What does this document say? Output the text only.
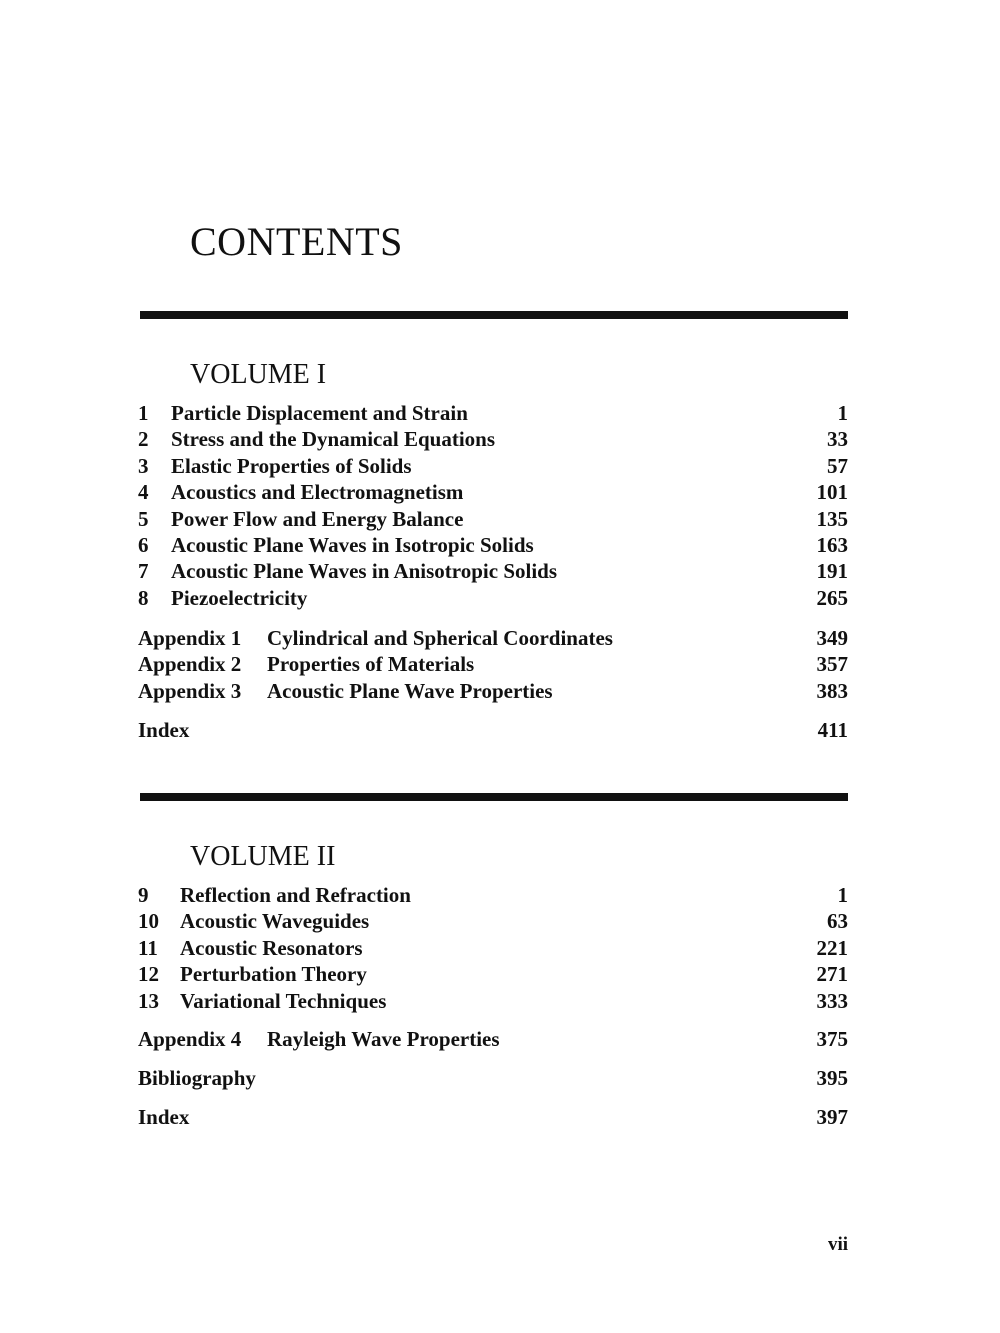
CONTENTS
VOLUME I
1	Particle Displacement and Strain	1
2	Stress and the Dynamical Equations	33
3	Elastic Properties of Solids	57
4	Acoustics and Electromagnetism	101
5	Power Flow and Energy Balance	135
6	Acoustic Plane Waves in Isotropic Solids	163
7	Acoustic Plane Waves in Anisotropic Solids	191
8	Piezoelectricity	265
Appendix 1	Cylindrical and Spherical Coordinates	349
Appendix 2	Properties of Materials	357
Appendix 3	Acoustic Plane Wave Properties	383
Index	411
VOLUME II
9	Reflection and Refraction	1
10	Acoustic Waveguides	63
11	Acoustic Resonators	221
12	Perturbation Theory	271
13	Variational Techniques	333
Appendix 4	Rayleigh Wave Properties	375
Bibliography	395
Index	397
vii
